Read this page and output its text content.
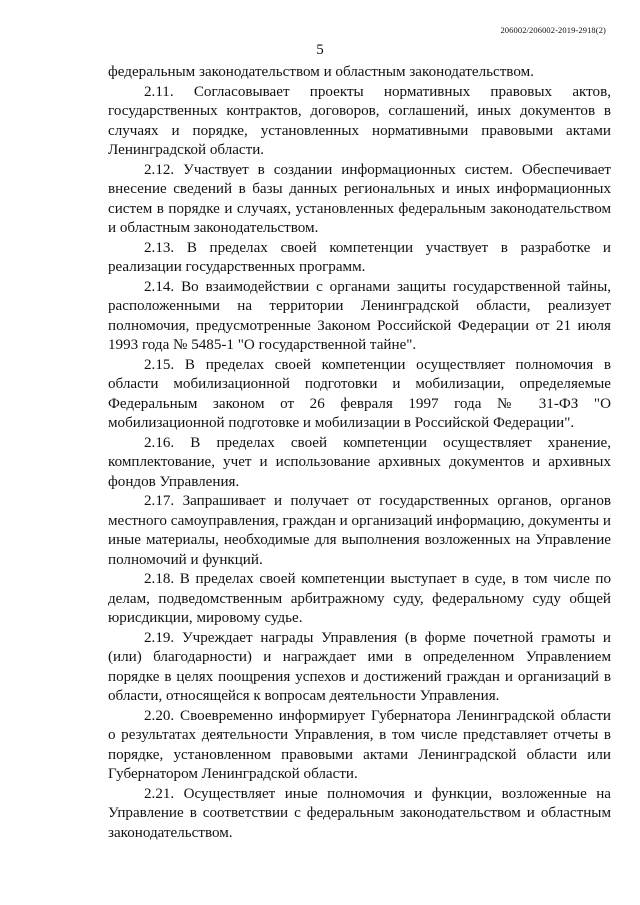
206002/206002-2019-2918(2)
5

федеральным законодательством и областным законодательством.

2.11. Согласовывает проекты нормативных правовых актов, государственных контрактов, договоров, соглашений, иных документов в случаях и порядке, установленных нормативными правовыми актами Ленинградской области.

2.12. Участвует в создании информационных систем. Обеспечивает внесение сведений в базы данных региональных и иных информационных систем в порядке и случаях, установленных федеральным законодательством и областным законодательством.

2.13. В пределах своей компетенции участвует в разработке и реализации государственных программ.

2.14. Во взаимодействии с органами защиты государственной тайны, расположенными на территории Ленинградской области, реализует полномочия, предусмотренные Законом Российской Федерации от 21 июля 1993 года № 5485-1 "О государственной тайне".

2.15. В пределах своей компетенции осуществляет полномочия в области мобилизационной подготовки и мобилизации, определяемые Федеральным законом от 26 февраля 1997 года № 31-ФЗ "О мобилизационной подготовке и мобилизации в Российской Федерации".

2.16. В пределах своей компетенции осуществляет хранение, комплектование, учет и использование архивных документов и архивных фондов Управления.

2.17. Запрашивает и получает от государственных органов, органов местного самоуправления, граждан и организаций информацию, документы и иные материалы, необходимые для выполнения возложенных на Управление полномочий и функций.

2.18. В пределах своей компетенции выступает в суде, в том числе по делам, подведомственным арбитражному суду, федеральному суду общей юрисдикции, мировому судье.

2.19. Учреждает награды Управления (в форме почетной грамоты и (или) благодарности) и награждает ими в определенном Управлением порядке в целях поощрения успехов и достижений граждан и организаций в области, относящейся к вопросам деятельности Управления.

2.20. Своевременно информирует Губернатора Ленинградской области о результатах деятельности Управления, в том числе представляет отчеты в порядке, установленном правовыми актами Ленинградской области или Губернатором Ленинградской области.

2.21. Осуществляет иные полномочия и функции, возложенные на Управление в соответствии с федеральным законодательством и областным законодательством.
